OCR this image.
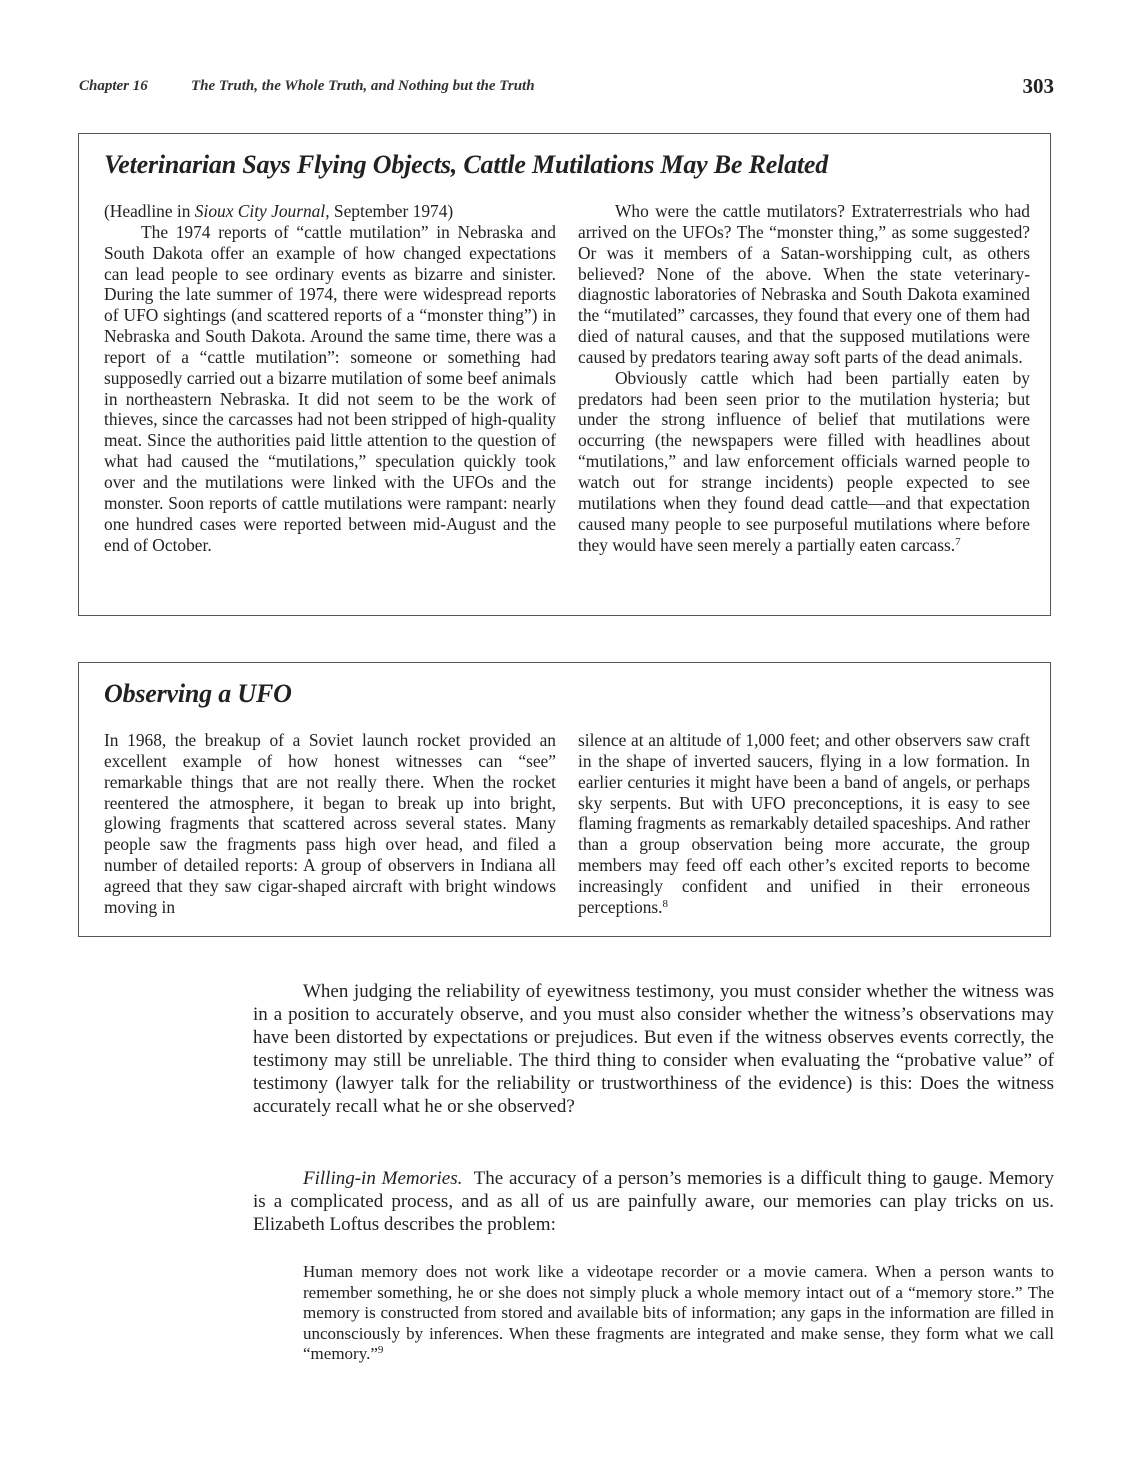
Chapter 16	The Truth, the Whole Truth, and Nothing but the Truth	303
Veterinarian Says Flying Objects, Cattle Mutilations May Be Related

(Headline in Sioux City Journal, September 1974)

The 1974 reports of “cattle mutilation” in Nebraska and South Dakota offer an example of how changed expectations can lead people to see ordinary events as bizarre and sinister. During the late summer of 1974, there were widespread reports of UFO sightings (and scattered reports of a “monster thing”) in Nebraska and South Dakota. Around the same time, there was a report of a “cattle mutilation”: someone or something had supposedly carried out a bizarre mutilation of some beef animals in northeastern Nebraska. It did not seem to be the work of thieves, since the carcasses had not been stripped of high-quality meat. Since the authorities paid little attention to the question of what had caused the “mutilations,” speculation quickly took over and the mutilations were linked with the UFOs and the monster. Soon reports of cattle mutilations were rampant: nearly one hundred cases were reported between mid-August and the end of October.

Who were the cattle mutilators? Extraterrestrials who had arrived on the UFOs? The “monster thing,” as some suggested? Or was it members of a Satan-worshipping cult, as others believed? None of the above. When the state veterinary-diagnostic laboratories of Nebraska and South Dakota examined the “mutilated” carcasses, they found that every one of them had died of natural causes, and that the supposed mutilations were caused by predators tearing away soft parts of the dead animals.

Obviously cattle which had been partially eaten by predators had been seen prior to the mutilation hysteria; but under the strong influence of belief that mutilations were occurring (the newspapers were filled with headlines about “mutilations,” and law enforcement officials warned people to watch out for strange incidents) people expected to see mutilations when they found dead cattle—and that expectation caused many people to see purposeful mutilations where before they would have seen merely a partially eaten carcass.$^7$

Observing a UFO

In 1968, the breakup of a Soviet launch rocket provided an excellent example of how honest witnesses can “see” remarkable things that are not really there. When the rocket reentered the atmosphere, it began to break up into bright, glowing fragments that scattered across several states. Many people saw the fragments pass high over head, and filed a number of detailed reports: A group of observers in Indiana all agreed that they saw cigar-shaped aircraft with bright windows moving in

silence at an altitude of 1,000 feet; and other observers saw craft in the shape of inverted saucers, flying in a low formation. In earlier centuries it might have been a band of angels, or perhaps sky serpents. But with UFO preconceptions, it is easy to see flaming fragments as remarkably detailed spaceships. And rather than a group observation being more accurate, the group members may feed off each other’s excited reports to become increasingly confident and unified in their erroneous perceptions.$^8$

When judging the reliability of eyewitness testimony, you must consider whether the witness was in a position to accurately observe, and you must also consider whether the witness’s observations may have been distorted by expectations or prejudices. But even if the witness observes events correctly, the testimony may still be unreliable. The third thing to consider when evaluating the “probative value” of testimony (lawyer talk for the reliability or trustworthiness of the evidence) is this: Does the witness accurately recall what he or she observed?

Filling-in Memories. The accuracy of a person’s memories is a difficult thing to gauge. Memory is a complicated process, and as all of us are painfully aware, our memories can play tricks on us. Elizabeth Loftus describes the problem:

Human memory does not work like a videotape recorder or a movie camera. When a person wants to remember something, he or she does not simply pluck a whole memory intact out of a “memory store.” The memory is constructed from stored and available bits of information; any gaps in the information are filled in unconsciously by inferences. When these fragments are integrated and make sense, they form what we call “memory.”$^9$
